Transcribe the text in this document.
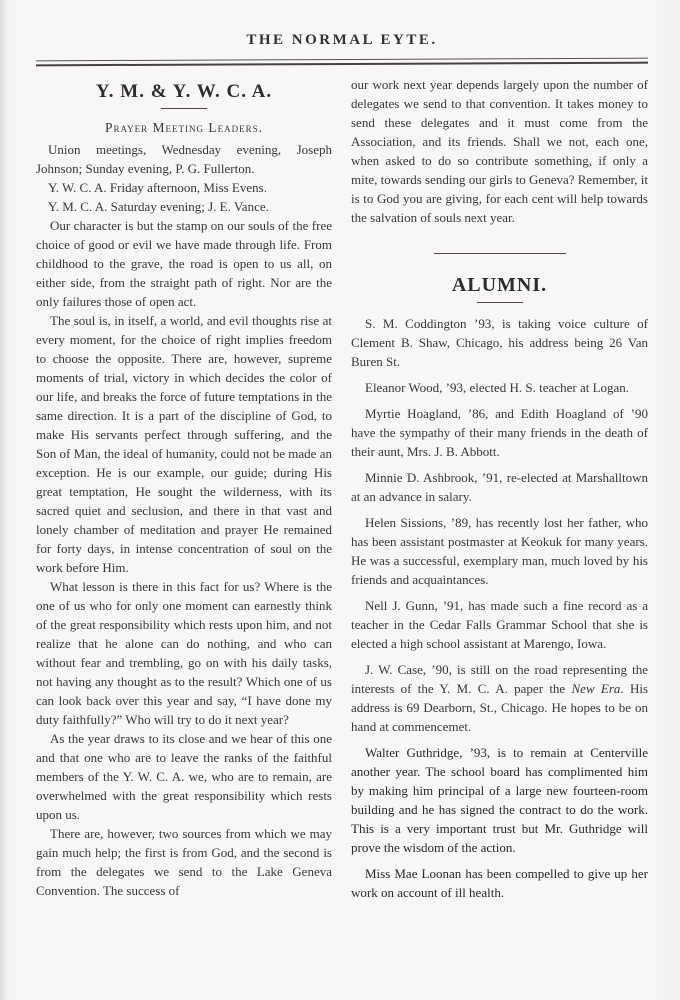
THE NORMAL EYTE.
Y. M. & Y. W. C. A.
Prayer Meeting Leaders.

Union meetings, Wednesday evening, Joseph Johnson; Sunday evening, P. G. Fullerton.

Y. W. C. A. Friday afternoon, Miss Evens.

Y. M. C. A. Saturday evening; J. E. Vance.

Our character is but the stamp on our souls of the free choice of good or evil we have made through life. From childhood to the grave, the road is open to us all, on either side, from the straight path of right. Nor are the only failures those of open act.

The soul is, in itself, a world, and evil thoughts rise at every moment, for the choice of right implies freedom to choose the opposite. There are, however, supreme moments of trial, victory in which decides the color of our life, and breaks the force of future temptations in the same direction. It is a part of the discipline of God, to make His servants perfect through suffering, and the Son of Man, the ideal of humanity, could not be made an exception. He is our example, our guide; during His great temptation, He sought the wilderness, with its sacred quiet and seclusion, and there in that vast and lonely chamber of meditation and prayer He remained for forty days, in intense concentration of soul on the work before Him.

What lesson is there in this fact for us? Where is the one of us who for only one moment can earnestly think of the great responsibility which rests upon him, and not realize that he alone can do nothing, and who can without fear and trembling, go on with his daily tasks, not having any thought as to the result? Which one of us can look back over this year and say, “I have done my duty faithfully?” Who will try to do it next year?

As the year draws to its close and we hear of this one and that one who are to leave the ranks of the faithful members of the Y. W. C. A. we, who are to remain, are overwhelmed with the great responsibility which rests upon us.

There are, however, two sources from which we may gain much help; the first is from God, and the second is from the delegates we send to the Lake Geneva Convention. The success of

our work next year depends largely upon the number of delegates we send to that convention. It takes money to send these delegates and it must come from the Association, and its friends. Shall we not, each one, when asked to do so contribute something, if only a mite, towards sending our girls to Geneva? Remember, it is to God you are giving, for each cent will help towards the salvation of souls next year.

ALUMNI.

S. M. Coddington ’93, is taking voice culture of Clement B. Shaw, Chicago, his address being 26 Van Buren St.

Eleanor Wood, ’93, elected H. S. teacher at Logan.

Myrtie Hoagland, ’86, and Edith Hoagland of ’90 have the sympathy of their many friends in the death of their aunt, Mrs. J. B. Abbott.

Minnie D. Ashbrook, ’91, re-elected at Marshalltown at an advance in salary.

Helen Sissions, ’89, has recently lost her father, who has been assistant postmaster at Keokuk for many years. He was a successful, exemplary man, much loved by his friends and acquaintances.

Nell J. Gunn, ’91, has made such a fine record as a teacher in the Cedar Falls Grammar School that she is elected a high school assistant at Marengo, Iowa.

J. W. Case, ’90, is still on the road representing the interests of the Y. M. C. A. paper the New Era. His address is 69 Dearborn, St., Chicago. He hopes to be on hand at commencemet.

Walter Guthridge, ’93, is to remain at Centerville another year. The school board has complimented him by making him principal of a large new fourteen-room building and he has signed the contract to do the work. This is a very important trust but Mr. Guthridge will prove the wisdom of the action.

Miss Mae Loonan has been compelled to give up her work on account of ill health.
